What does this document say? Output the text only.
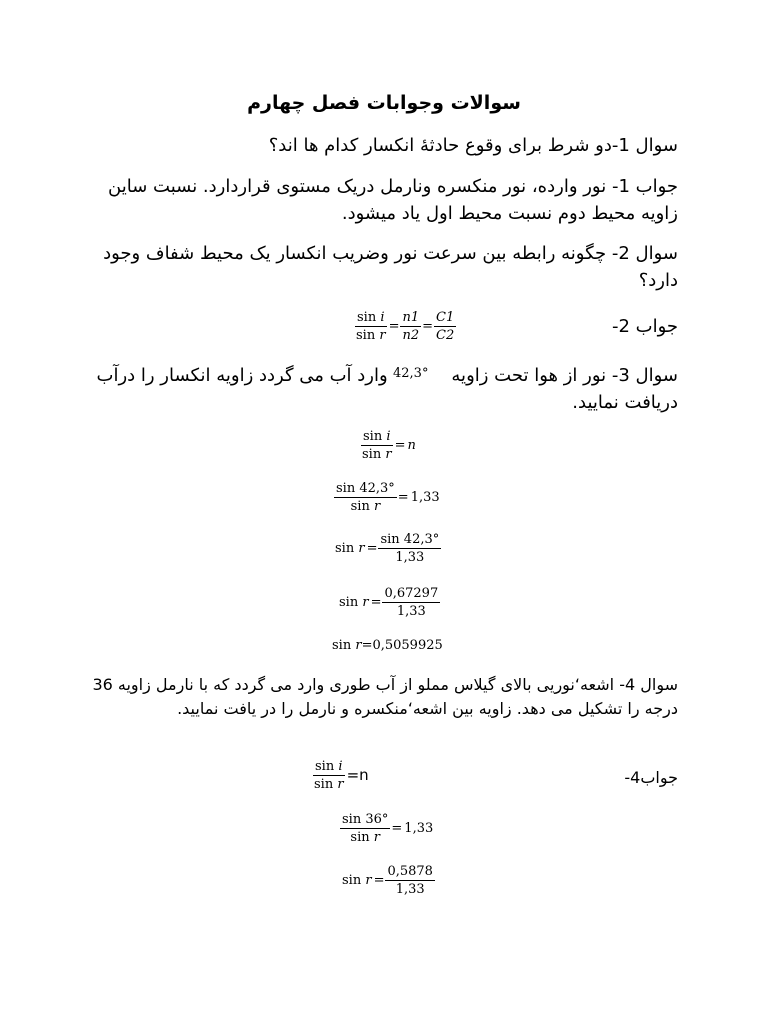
سوالات وجوابات فصل چهارم
سوال 1-دو شرط برای وقوع حادثۀ انکسار کدام ها اند؟
جواب 1- نور وارده، نور منکسره ونارمل دریک مستوی قراردارد. نسبت ساین زاویه محیط دوم نسبت محیط اول یاد میشود.
سوال 2- چگونه رابطه بین سرعت نور وضریب انکسار یک محیط شفاف وجود دارد؟
جواب 2-
$\frac{\text{sin i}}{\text{sin r}} = \frac{n1}{n2} = \frac{C1}{C2}$
سوال 3- نور از هوا تحت زاویه وارد آب می گردد زاویه انکسار را درآب دریافت نمایید.
42,3°
$\frac{\text{sin i}}{\text{sin r}} = n$
$\frac{\sin 42,3^\circ}{\text{sin r}} = 1,33$
$\sin r = \frac{\sin 42,3^\circ}{1,33}$
$\sin r = \frac{0,67297}{1,33}$
sin r=0,5059925
سوال 4- اشعه‘نوریی بالای گیلاس مملو از آب طوری وارد می گردد که با نارمل زاویه 36 درجه را تشکیل می دهد. زاویه بین اشعه‘منکسره و نارمل را در یافت نمایید.
جواب4-
$\frac{\text{sin i}}{\text{sin r}} =n$
$\frac{\sin 36^\circ}{\text{sin r}} = 1,33$
$\sin r = \frac{0,5878}{1,33}$
